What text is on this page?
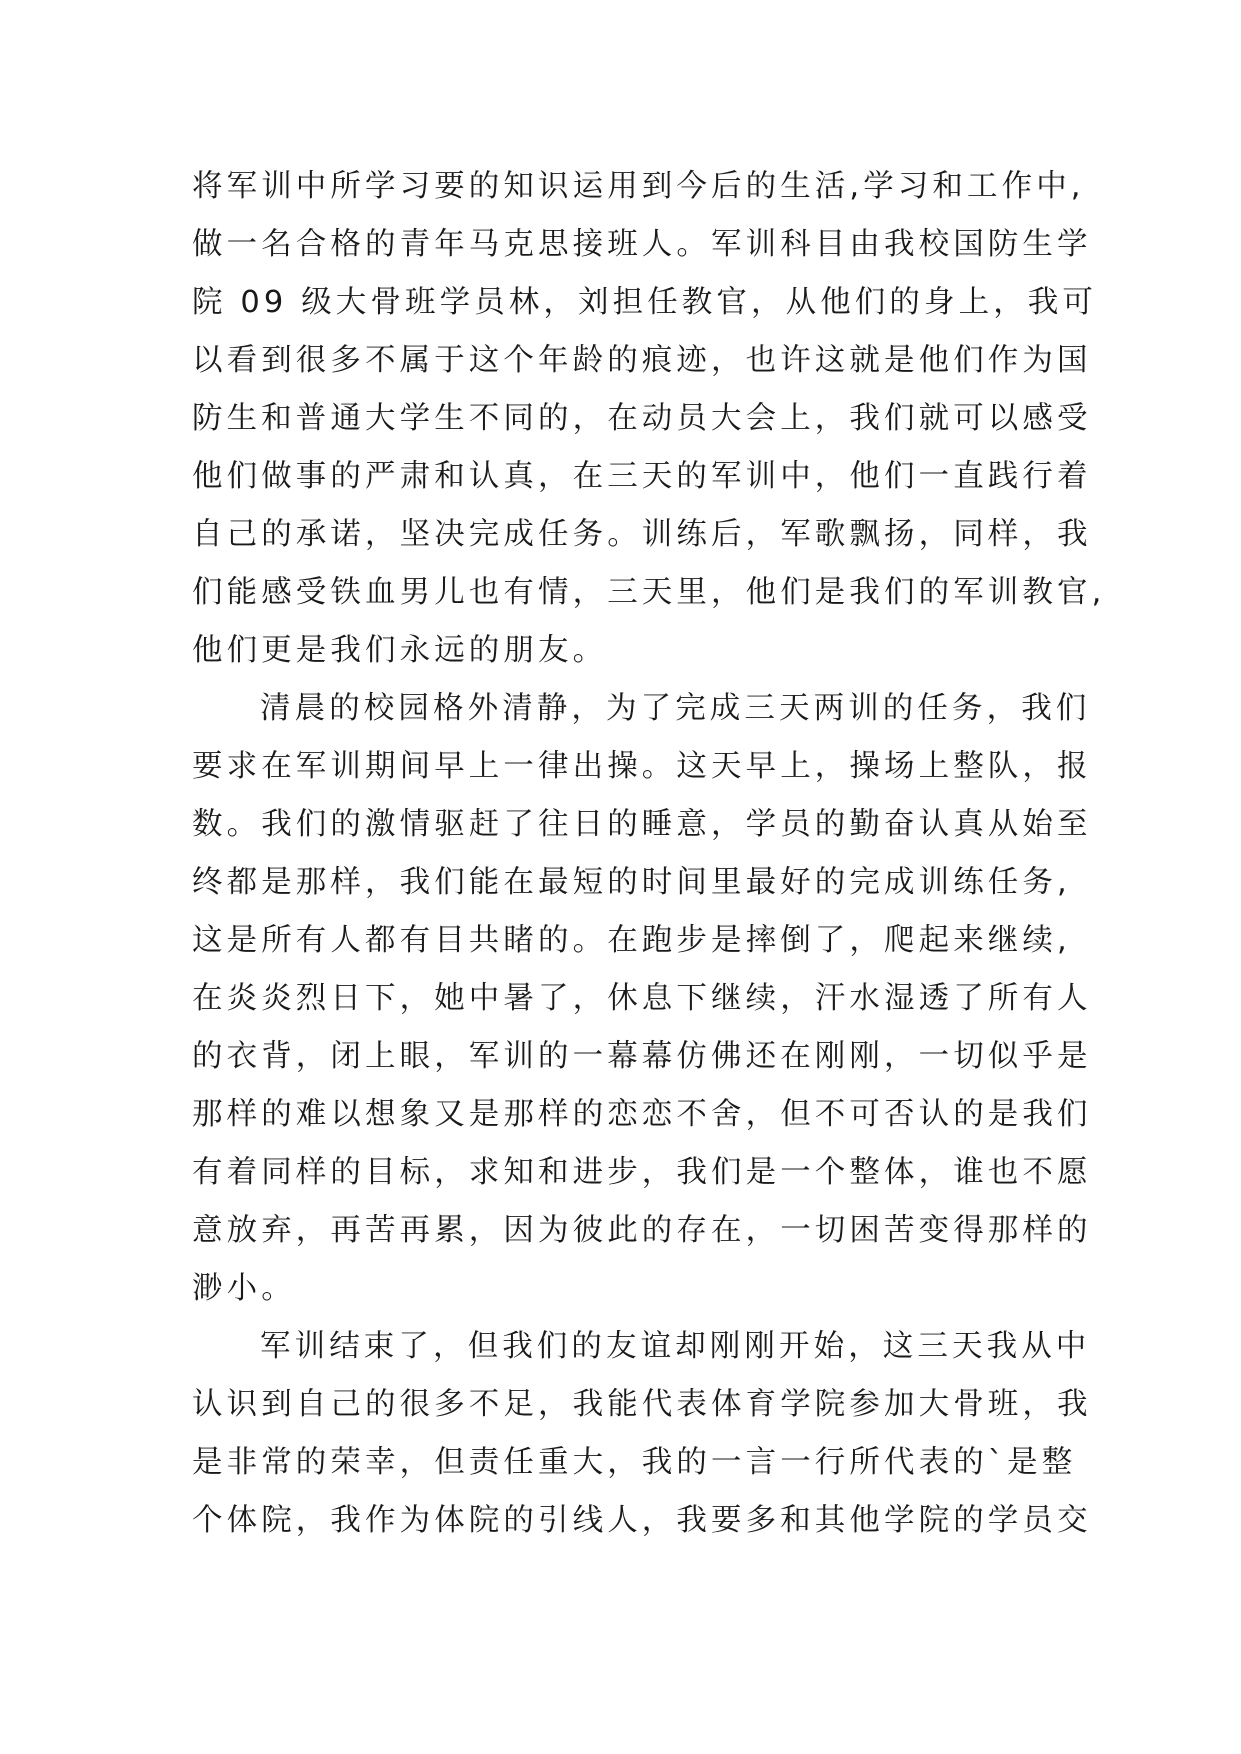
将军训中所学习要的知识运用到今后的生活,学习和工作中,
做一名合格的青年马克思接班人。军训科目由我校国防生学
院 09 级大骨班学员林，刘担任教官，从他们的身上，我可
以看到很多不属于这个年龄的痕迹，也许这就是他们作为国
防生和普通大学生不同的，在动员大会上，我们就可以感受
他们做事的严肃和认真，在三天的军训中，他们一直践行着
自己的承诺，坚决完成任务。训练后，军歌飘扬，同样，我
们能感受铁血男儿也有情，三天里，他们是我们的军训教官,
他们更是我们永远的朋友。
清晨的校园格外清静，为了完成三天两训的任务，我们
要求在军训期间早上一律出操。这天早上，操场上整队，报
数。我们的激情驱赶了往日的睡意，学员的勤奋认真从始至
终都是那样，我们能在最短的时间里最好的完成训练任务,
这是所有人都有目共睹的。在跑步是摔倒了，爬起来继续,
在炎炎烈日下，她中暑了，休息下继续，汗水湿透了所有人
的衣背，闭上眼，军训的一幕幕仿佛还在刚刚，一切似乎是
那样的难以想象又是那样的恋恋不舍，但不可否认的是我们
有着同样的目标，求知和进步，我们是一个整体，谁也不愿
意放弃，再苦再累，因为彼此的存在，一切困苦变得那样的
渺小。
军训结束了，但我们的友谊却刚刚开始，这三天我从中
认识到自己的很多不足，我能代表体育学院参加大骨班，我
是非常的荣幸，但责任重大，我的一言一行所代表的`是整
个体院，我作为体院的引线人，我要多和其他学院的学员交
